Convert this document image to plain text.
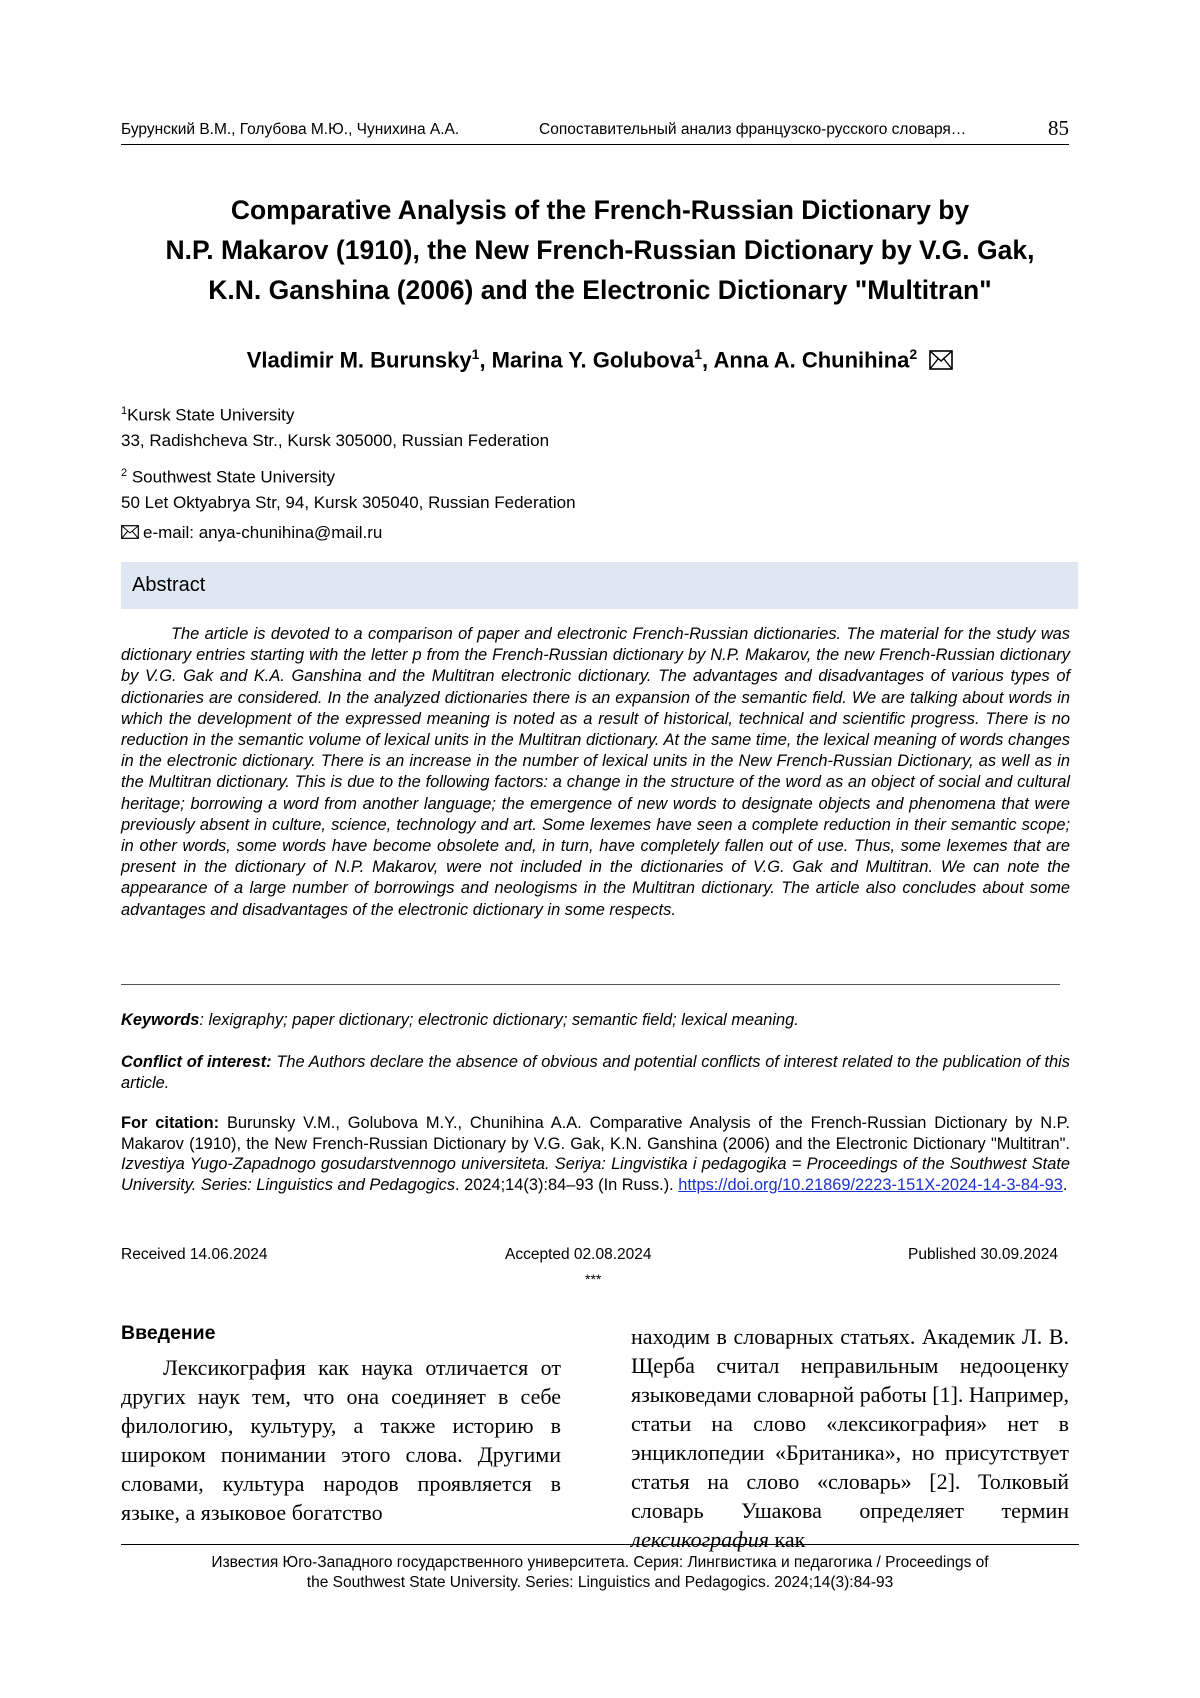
Бурунский В.М., Голубова М.Ю., Чунихина А.А.	Сопоставительный анализ французско-русского словаря…	85
Comparative Analysis of the French-Russian Dictionary by
N.P. Makarov (1910), the New French-Russian Dictionary by V.G. Gak,
K.N. Ganshina (2006) and the Electronic Dictionary "Multitran"
Vladimir M. Burunsky$^1$, Marina Y. Golubova$^1$, Anna A. Chunihina$^2$
$^1$Kursk State University
33, Radishcheva Str., Kursk 305000, Russian Federation
$^2$ Southwest State University
50 Let Oktyabrya Str, 94, Kursk 305040, Russian Federation
e-mail: anya-chunihina@mail.ru
Abstract
The article is devoted to a comparison of paper and electronic French-Russian dictionaries. The material for the study was dictionary entries starting with the letter p from the French-Russian dictionary by N.P. Makarov, the new French-Russian dictionary by V.G. Gak and K.A. Ganshina and the Multitran electronic dictionary. The advantages and disadvantages of various types of dictionaries are considered. In the analyzed dictionaries there is an expansion of the semantic field. We are talking about words in which the development of the expressed meaning is noted as a result of historical, technical and scientific progress. There is no reduction in the semantic volume of lexical units in the Multitran dictionary. At the same time, the lexical meaning of words changes in the electronic dictionary. There is an increase in the number of lexical units in the New French-Russian Dictionary, as well as in the Multitran dictionary. This is due to the following factors: a change in the structure of the word as an object of social and cultural heritage; borrowing a word from another language; the emergence of new words to designate objects and phenomena that were previously absent in culture, science, technology and art. Some lexemes have seen a complete reduction in their semantic scope; in other words, some words have become obsolete and, in turn, have completely fallen out of use. Thus, some lexemes that are present in the dictionary of N.P. Makarov, were not included in the dictionaries of V.G. Gak and Multitran. We can note the appearance of a large number of borrowings and neologisms in the Multitran dictionary. The article also concludes about some advantages and disadvantages of the electronic dictionary in some respects.
Keywords: lexigraphy; paper dictionary; electronic dictionary; semantic field; lexical meaning.
Conflict of interest: The Authors declare the absence of obvious and potential conflicts of interest related to the publication of this article.
For citation: Burunsky V.M., Golubova M.Y., Chunihina A.A. Comparative Analysis of the French-Russian Dictionary by N.P. Makarov (1910), the New French-Russian Dictionary by V.G. Gak, K.N. Ganshina (2006) and the Electronic Dictionary "Multitran". Izvestiya Yugo-Zapadnogo gosudarstvennogo universiteta. Seriya: Lingvistika i pedagogika = Proceedings of the Southwest State University. Series: Linguistics and Pedagogics. 2024;14(3):84–93 (In Russ.). https://doi.org/10.21869/2223-151X-2024-14-3-84-93.
Received 14.06.2024	Accepted 02.08.2024	Published 30.09.2024
***
Введение
Лексикография как наука отличается от других наук тем, что она соединяет в себе филологию, культуру, а также историю в широком понимании этого слова. Другими словами, культура народов проявляется в языке, а языковое богатство
находим в словарных статьях. Академик Л. В. Щерба считал неправильным недооценку языковедами словарной работы [1]. Например, статьи на слово «лексикография» нет в энциклопедии «Британика», но присутствует статья на слово «словарь» [2]. Толковый словарь Ушакова определяет термин лексикография как
Известия Юго-Западного государственного университета. Серия: Лингвистика и педагогика / Proceedings of
the Southwest State University. Series: Linguistics and Pedagogics. 2024;14(3):84-93
